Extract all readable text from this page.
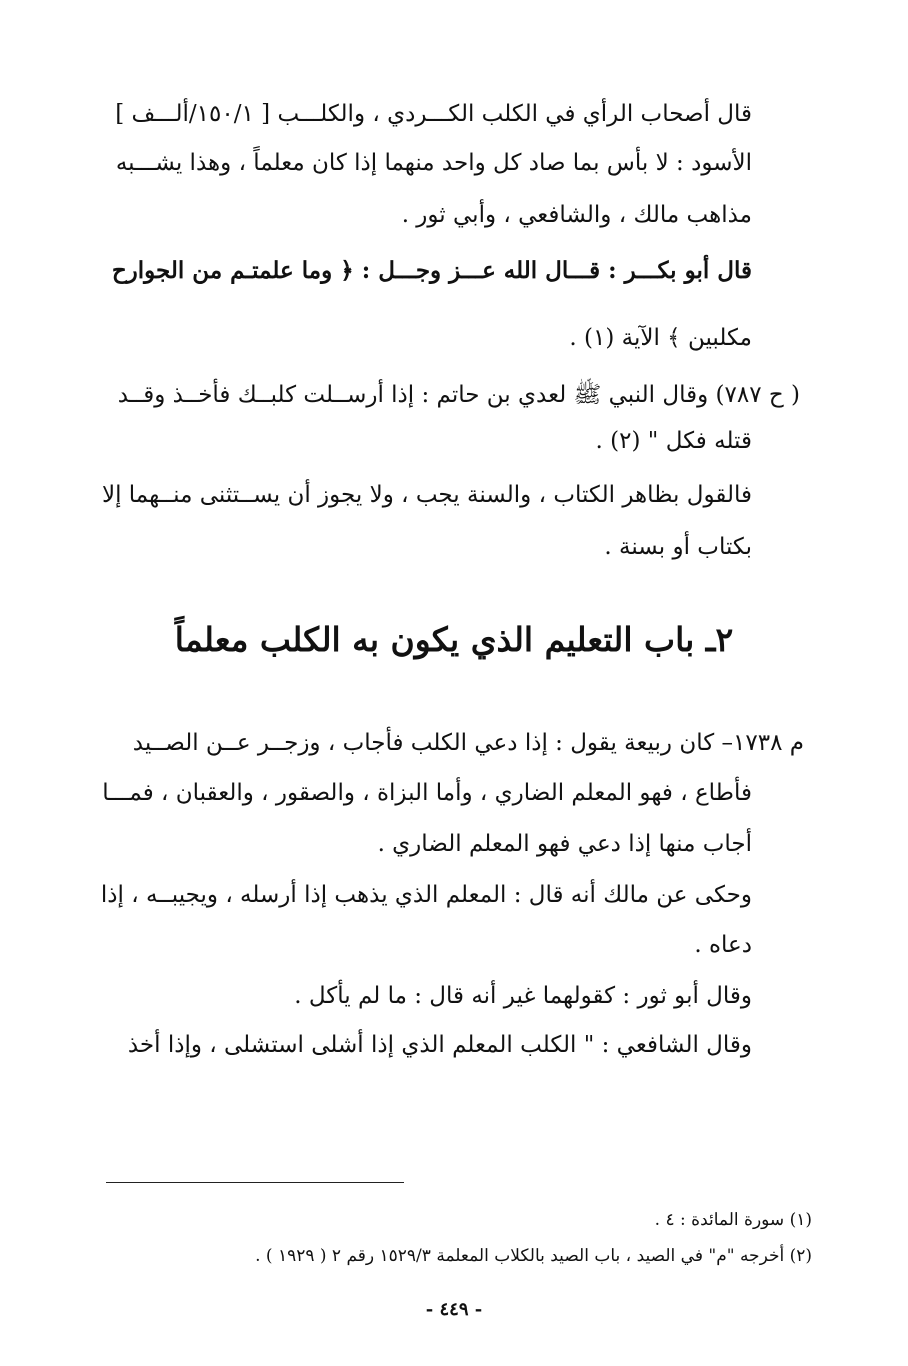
قال أصحاب الرأي في الكلب الكـــردي ، والكلـــب [ ١٥٠/١/ألـــف ]
الأسود : لا بأس بما صاد كل واحد منهما إذا كان معلماً ، وهذا يشـــبه
مذاهب مالك ، والشافعي ، وأبي ثور .
قال أبو بكـــر : قـــال الله عـــز وجـــل : ﴿ وما علمتـم من الجوارح
مكلبين ﴾ الآية (١) .
( ح ٧٨٧) وقال النبي ﷺ لعدي بن حاتم : إذا أرســلت كلبــك فأخــذ وقــد
قتله فكل " (٢) .
فالقول بظاهر الكتاب ، والسنة يجب ، ولا يجوز أن يســتثنى منــهما إلا
بكتاب أو بسنة .
٢ـ باب التعليم الذي يكون به الكلب معلماً
م ١٧٣٨– كان ربيعة يقول : إذا دعي الكلب فأجاب ، وزجــر عــن الصــيد
فأطاع ، فهو المعلم الضاري ، وأما البزاة ، والصقور ، والعقبان ، فمـــا
أجاب منها إذا دعي فهو المعلم الضاري .
وحكى عن مالك أنه قال : المعلم الذي يذهب إذا أرسله ، ويجيبــه ، إذا
دعاه .
وقال أبو ثور : كقولهما غير أنه قال : ما لم يأكل .
وقال الشافعي : " الكلب المعلم الذي إذا أشلى استشلى ، وإذا أخذ
(١) سورة المائدة : ٤ .
(٢) أخرجه "م" في الصيد ، باب الصيد بالكلاب المعلمة ١٥٢٩/٣ رقم ٢ ( ١٩٢٩ ) .
- ٤٤٩ -
